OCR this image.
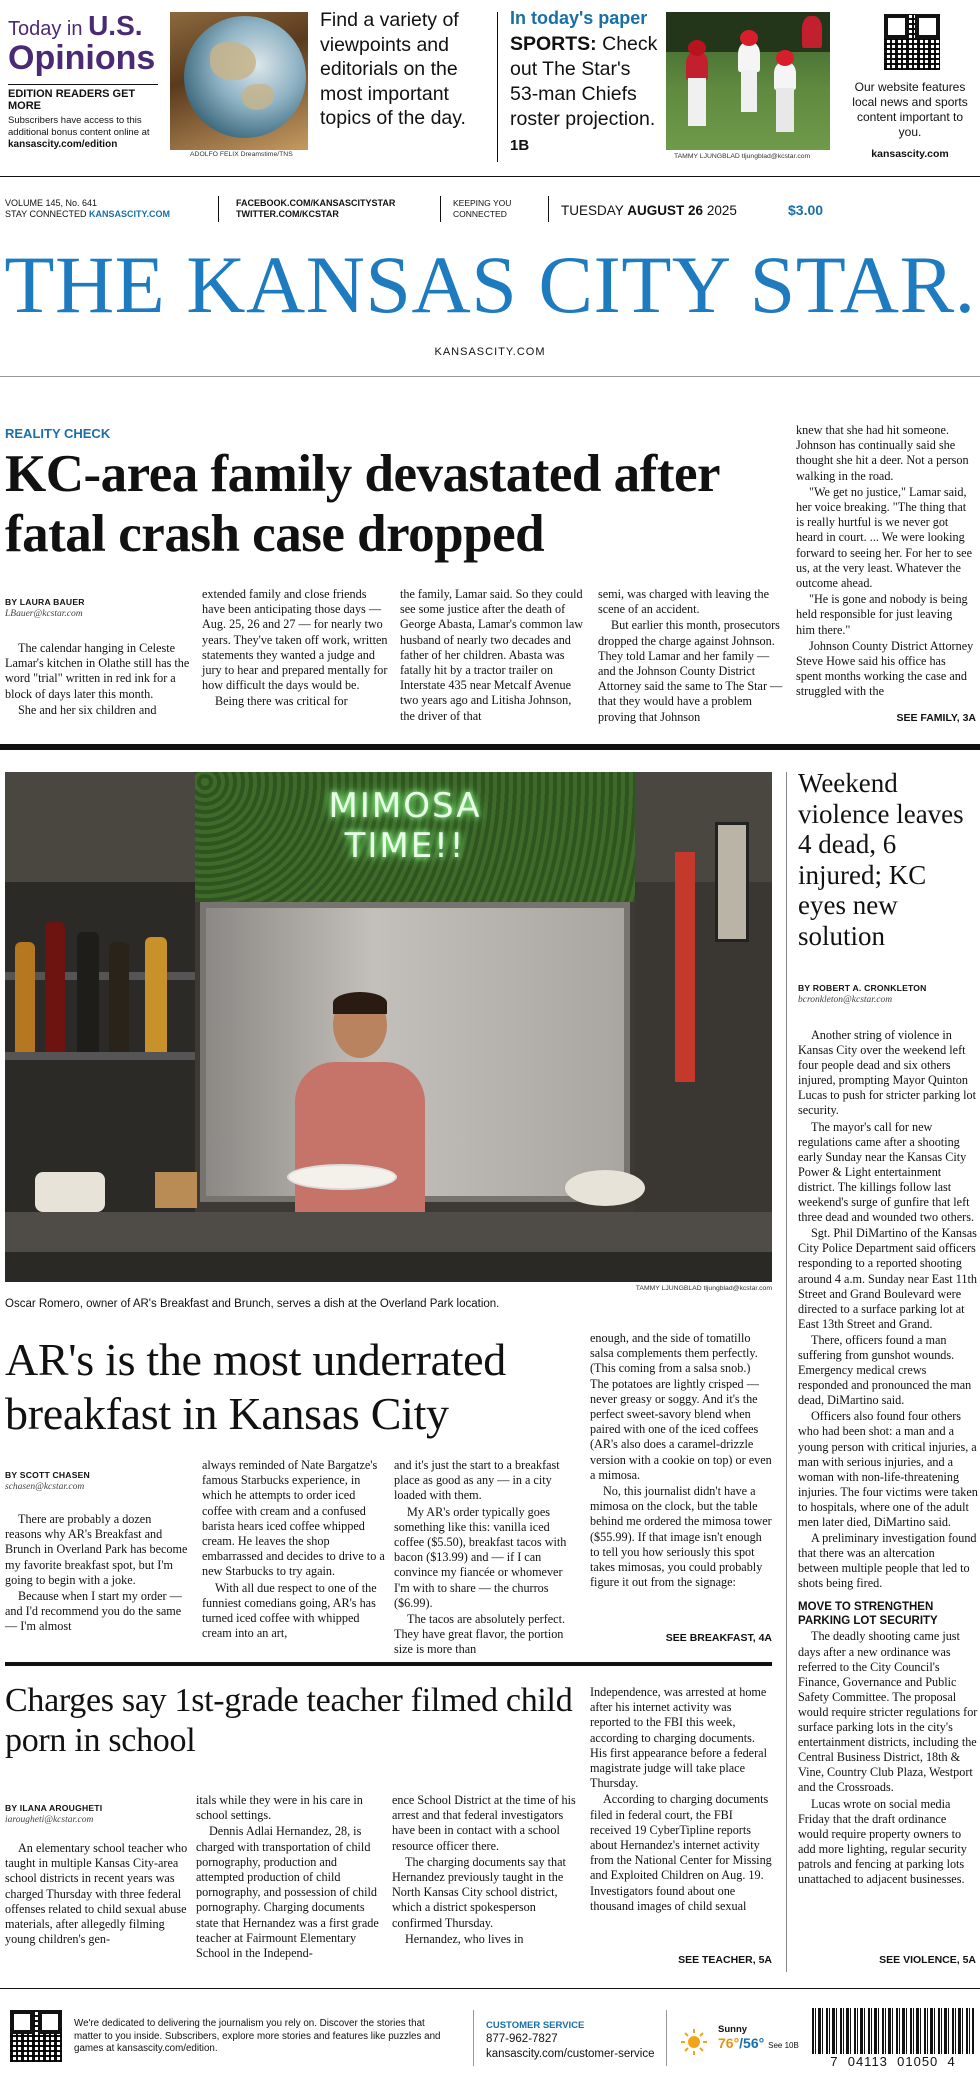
Today in U.S.
Opinions
EDITION READERS GET MORE
Subscribers have access to this additional bonus content online at
kansascity.com/edition
ADOLFO FELIX Dreamstime/TNS
Find a variety of viewpoints and editorials on the most important topics of the day.
In today's paper
SPORTS: Check out The Star's 53-man Chiefs roster projection. 1B
TAMMY LJUNGBLAD tljungblad@kcstar.com
Our website features local news and sports content important to you.
kansascity.com
VOLUME 145, No. 641
STAY CONNECTED KANSASCITY.COM
FACEBOOK.COM/KANSASCITYSTAR
TWITTER.COM/KCSTAR
KEEPING YOU
CONNECTED	TUESDAY AUGUST 26 2025	$3.00
THE KANSAS CITY STAR.
KANSASCITY.COM
REALITY CHECK
KC-area family devastated after fatal crash case dropped
BY LAURA BAUER
LBauer@kcstar.com

The calendar hanging in Celeste Lamar's kitchen in Olathe still has the word "trial" written in red ink for a block of days later this month.

She and her six children and

extended family and close friends have been anticipating those days — Aug. 25, 26 and 27 — for nearly two years. They've taken off work, written statements they wanted a judge and jury to hear and prepared mentally for how difficult the days would be.

Being there was critical for

the family, Lamar said. So they could see some justice after the death of George Abasta, Lamar's common law husband of nearly two decades and father of her children. Abasta was fatally hit by a tractor trailer on Interstate 435 near Metcalf Avenue two years ago and Litisha Johnson, the driver of that

semi, was charged with leaving the scene of an accident.

But earlier this month, prosecutors dropped the charge against Johnson. They told Lamar and her family — and the Johnson County District Attorney said the same to The Star — that they would have a problem proving that Johnson

knew that she had hit someone. Johnson has continually said she thought she hit a deer. Not a person walking in the road.

"We get no justice," Lamar said, her voice breaking. "The thing that is really hurtful is we never got heard in court. ... We were looking forward to seeing her. For her to see us, at the very least. Whatever the outcome ahead.

"He is gone and nobody is being held responsible for just leaving him there."

Johnson County District Attorney Steve Howe said his office has spent months working the case and struggled with the

SEE FAMILY, 3A
MIMOSA TIME!!
TAMMY LJUNGBLAD tljungblad@kcstar.com
Oscar Romero, owner of AR's Breakfast and Brunch, serves a dish at the Overland Park location.
AR's is the most underrated breakfast in Kansas City
BY SCOTT CHASEN
schasen@kcstar.com

There are probably a dozen reasons why AR's Breakfast and Brunch in Overland Park has become my favorite breakfast spot, but I'm going to begin with a joke.

Because when I start my order — and I'd recommend you do the same — I'm almost

always reminded of Nate Bargatze's famous Starbucks experience, in which he attempts to order iced coffee with cream and a confused barista hears iced coffee whipped cream. He leaves the shop embarrassed and decides to drive to a new Starbucks to try again.

With all due respect to one of the funniest comedians going, AR's has turned iced coffee with whipped cream into an art,

and it's just the start to a breakfast place as good as any — in a city loaded with them.

My AR's order typically goes something like this: vanilla iced coffee ($5.50), breakfast tacos with bacon ($13.99) and — if I can convince my fiancée or whomever I'm with to share — the churros ($6.99).

The tacos are absolutely perfect. They have great flavor, the portion size is more than

enough, and the side of tomatillo salsa complements them perfectly. (This coming from a salsa snob.) The potatoes are lightly crisped — never greasy or soggy. And it's the perfect sweet-savory blend when paired with one of the iced coffees (AR's also does a caramel-drizzle version with a cookie on top) or even a mimosa.

No, this journalist didn't have a mimosa on the clock, but the table behind me ordered the mimosa tower ($55.99). If that image isn't enough to tell you how seriously this spot takes mimosas, you could probably figure it out from the signage:

SEE BREAKFAST, 4A
Charges say 1st-grade teacher filmed child porn in school
BY ILANA AROUGHETI
iarougheti@kcstar.com

An elementary school teacher who taught in multiple Kansas City-area school districts in recent years was charged Thursday with three federal offenses related to child sexual abuse materials, after allegedly filming young children's gen-

itals while they were in his care in school settings.

Dennis Adlai Hernandez, 28, is charged with transportation of child pornography, production and attempted production of child pornography, and possession of child pornography. Charging documents state that Hernandez was a first grade teacher at Fairmount Elementary School in the Independ-

ence School District at the time of his arrest and that federal investigators have been in contact with a school resource officer there.

The charging documents say that Hernandez previously taught in the North Kansas City school district, which a district spokesperson confirmed Thursday.

Hernandez, who lives in

Independence, was arrested at home after his internet activity was reported to the FBI this week, according to charging documents. His first appearance before a federal magistrate judge will take place Thursday.

According to charging documents filed in federal court, the FBI received 19 CyberTipline reports about Hernandez's internet activity from the National Center for Missing and Exploited Children on Aug. 19. Investigators found about one thousand images of child sexual

SEE TEACHER, 5A
Weekend violence leaves 4 dead, 6 injured; KC eyes new solution
BY ROBERT A. CRONKLETON
bcronkleton@kcstar.com

Another string of violence in Kansas City over the weekend left four people dead and six others injured, prompting Mayor Quinton Lucas to push for stricter parking lot security.

The mayor's call for new regulations came after a shooting early Sunday near the Kansas City Power & Light entertainment district. The killings follow last weekend's surge of gunfire that left three dead and wounded two others.

Sgt. Phil DiMartino of the Kansas City Police Department said officers responding to a reported shooting around 4 a.m. Sunday near East 11th Street and Grand Boulevard were directed to a surface parking lot at East 13th Street and Grand.

There, officers found a man suffering from gunshot wounds. Emergency medical crews responded and pronounced the man dead, DiMartino said.

Officers also found four others who had been shot: a man and a young person with critical injuries, a man with serious injuries, and a woman with non-life-threatening injuries. The four victims were taken to hospitals, where one of the adult men later died, DiMartino said.

A preliminary investigation found that there was an altercation between multiple people that led to shots being fired.

MOVE TO STRENGTHEN PARKING LOT SECURITY

The deadly shooting came just days after a new ordinance was referred to the City Council's Finance, Governance and Public Safety Committee. The proposal would require stricter regulations for surface parking lots in the city's entertainment districts, including the Central Business District, 18th & Vine, Country Club Plaza, Westport and the Crossroads.

Lucas wrote on social media Friday that the draft ordinance would require property owners to add more lighting, regular security patrols and fencing at parking lots unattached to adjacent businesses.

SEE VIOLENCE, 5A
We're dedicated to delivering the journalism you rely on. Discover the stories that matter to you inside. Subscribers, explore more stories and features like puzzles and games at kansascity.com/edition.
CUSTOMER SERVICE
877-962-7827
kansascity.com/customer-service
Sunny
76°/56° See 10B
7  04113  01050  4
